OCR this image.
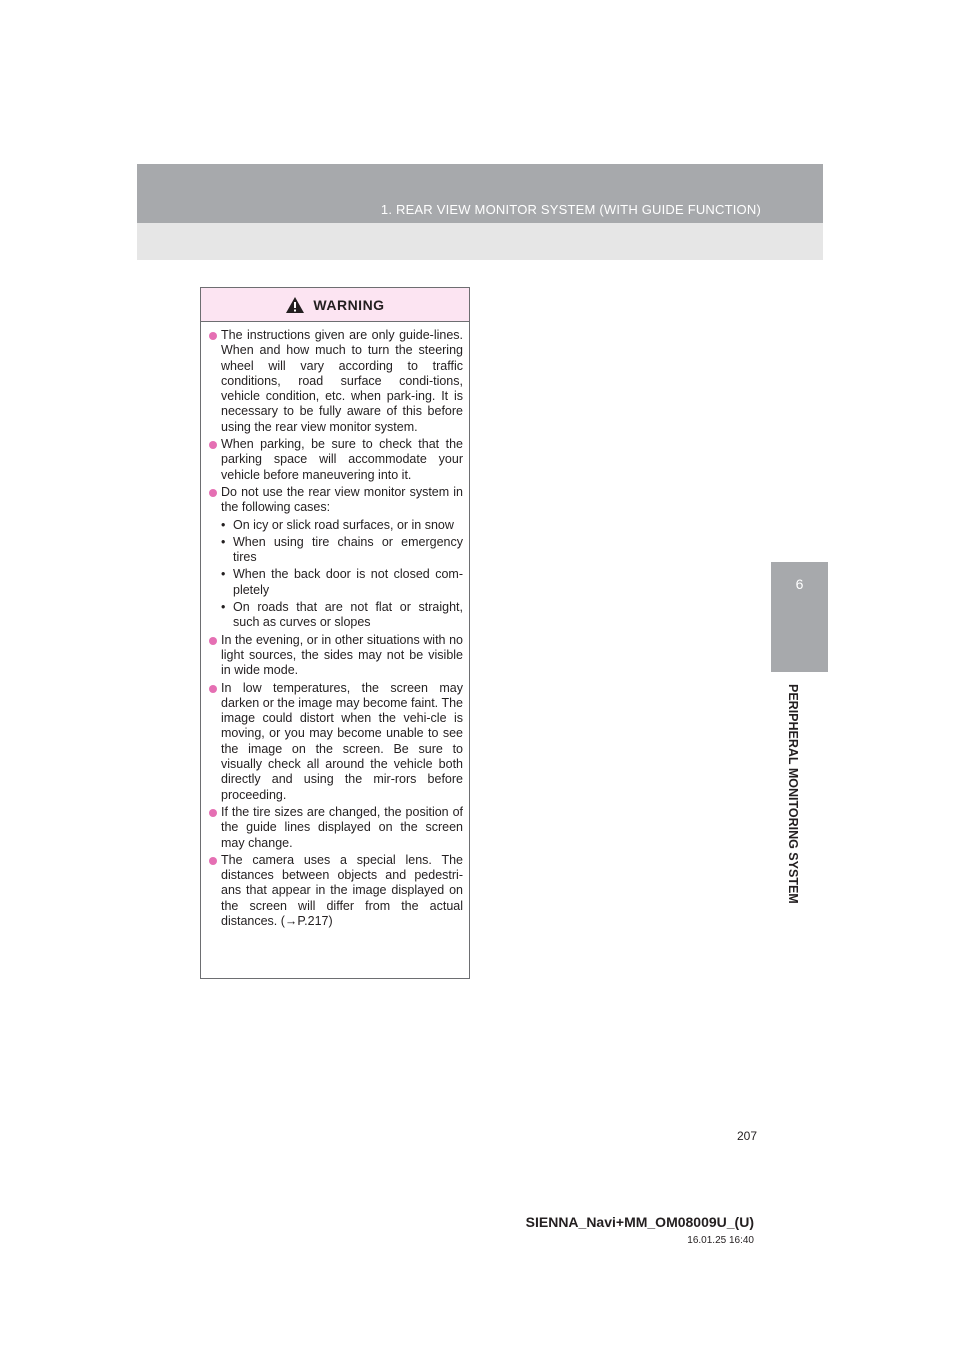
1. REAR VIEW MONITOR SYSTEM (WITH GUIDE FUNCTION)
6
PERIPHERAL MONITORING SYSTEM
WARNING
The instructions given are only guide-lines. When and how much to turn the steering wheel will vary according to traffic conditions, road surface condi-tions, vehicle condition, etc. when park-ing. It is necessary to be fully aware of this before using the rear view monitor system.
When parking, be sure to check that the parking space will accommodate your vehicle before maneuvering into it.
Do not use the rear view monitor system in the following cases:
• On icy or slick road surfaces, or in snow
• When using tire chains or emergency tires
• When the back door is not closed com-pletely
• On roads that are not flat or straight, such as curves or slopes
In the evening, or in other situations with no light sources, the sides may not be visible in wide mode.
In low temperatures, the screen may darken or the image may become faint. The image could distort when the vehi-cle is moving, or you may become unable to see the image on the screen. Be sure to visually check all around the vehicle both directly and using the mir-rors before proceeding.
If the tire sizes are changed, the position of the guide lines displayed on the screen may change.
The camera uses a special lens. The distances between objects and pedestri-ans that appear in the image displayed on the screen will differ from the actual distances. (→P.217)
207
SIENNA_Navi+MM_OM08009U_(U)
16.01.25 16:40
